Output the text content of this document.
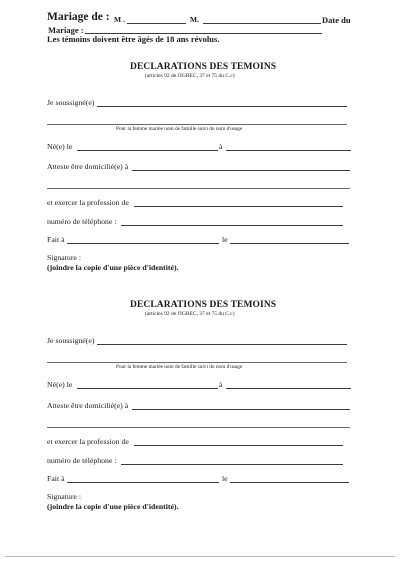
Mariage de : M .	M.	Date du
Mariage :
Les témoins doivent être âgés de 18 ans révolus.
DECLARATIONS DES TEMOINS
(articles 92 de l'IGREC, 37 et 75 du C.c)
Je soussigné(e)
Pour la femme mariée nom de famille suivi du nom d'usage
Né(e) le	à
Atteste être domicilié(e) à
et exercer la profession de
numéro de téléphone :
Fait à	le
Signature :
(joindre la copie d'une pièce d'identité).
DECLARATIONS DES TEMOINS
(articles 92 de l'IGREC, 37 et 75 du C.c)
Je soussigné(e)
Pour la femme mariée nom de famille suivi du nom d'usage
Né(e) le	à
Atteste être domicilié(e) à
et exercer la profession de
numéro de téléphone :
Fait à	le
Signature :
(joindre la copie d'une pièce d'identité).
